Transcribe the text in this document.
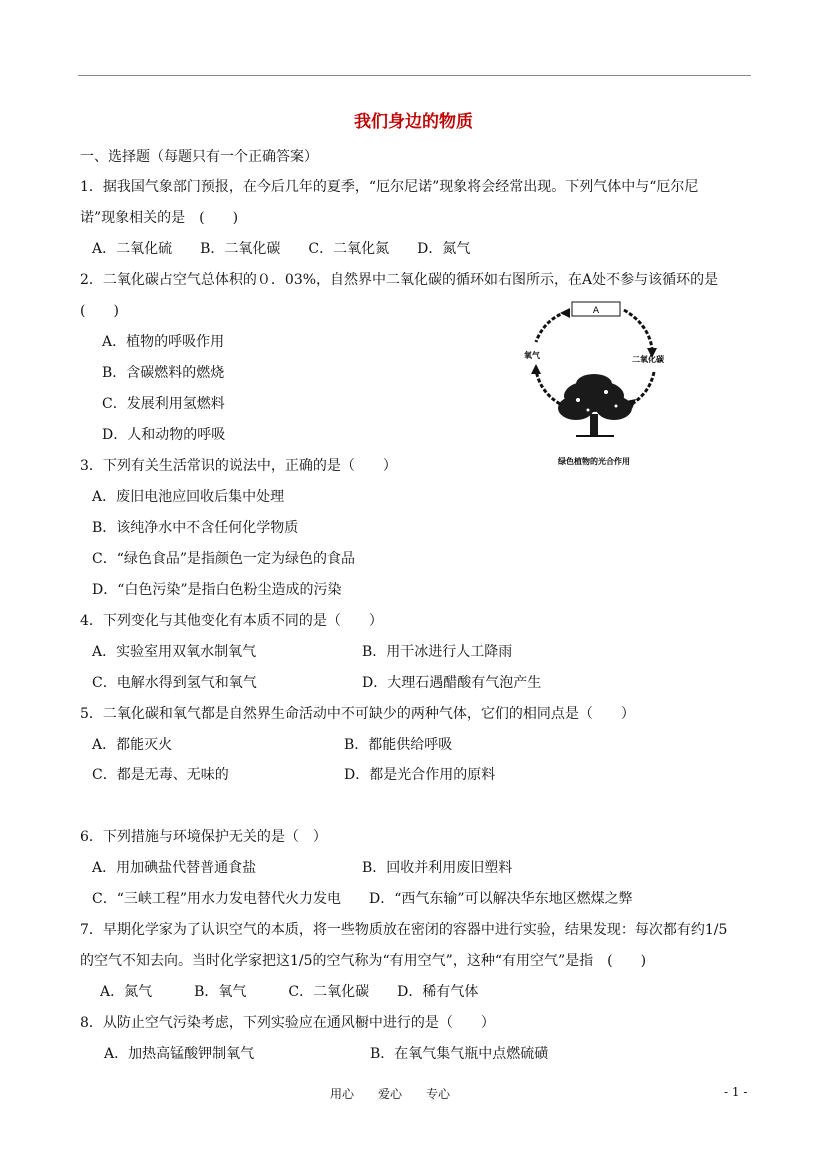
我们身边的物质
一、选择题（每题只有一个正确答案）
1．据我国气象部门预报，在今后几年的夏季，“厄尔尼诺”现象将会经常出现。下列气体中与“厄尔尼
诺”现象相关的是　(　　)
A．二氧化硫　　B．二氧化碳　　C．二氧化氮　　D．氮气
2．二氧化碳占空气总体积的０．03%，自然界中二氧化碳的循环如右图所示，在A处不参与该循环的是
(　　)
A．植物的呼吸作用
B．含碳燃料的燃烧
C．发展利用氢燃料
D．人和动物的呼吸
A
氧气	二氧化碳
绿色植物的光合作用
3．下列有关生活常识的说法中，正确的是（　　）
A．废旧电池应回收后集中处理
B．该纯净水中不含任何化学物质
C．“绿色食品”是指颜色一定为绿色的食品
D．“白色污染”是指白色粉尘造成的污染
4．下列变化与其他变化有本质不同的是（　　）
A．实验室用双氧水制氧气	B．用干冰进行人工降雨
C．电解水得到氢气和氧气	D．大理石遇醋酸有气泡产生
5．二氧化碳和氧气都是自然界生命活动中不可缺少的两种气体，它们的相同点是（　　）
A．都能灭火	B．都能供给呼吸
C．都是无毒、无味的	D．都是光合作用的原料
6．下列措施与环境保护无关的是（　）
A．用加碘盐代替普通食盐	B．回收并利用废旧塑料
C．“三峡工程”用水力发电替代火力发电　　D．“西气东输”可以解决华东地区燃煤之弊
7．早期化学家为了认识空气的本质，将一些物质放在密闭的容器中进行实验，结果发现：每次都有约1/5
的空气不知去向。当时化学家把这1/5的空气称为“有用空气”，这种“有用空气”是指　(　　)
A．氮气　　　B．氧气　　　C．二氧化碳　　D．稀有气体
8．从防止空气污染考虑，下列实验应在通风橱中进行的是（　　）
A．加热高锰酸钾制氧气	B．在氧气集气瓶中点燃硫磺
用心　　爱心　　专心	- 1 -
